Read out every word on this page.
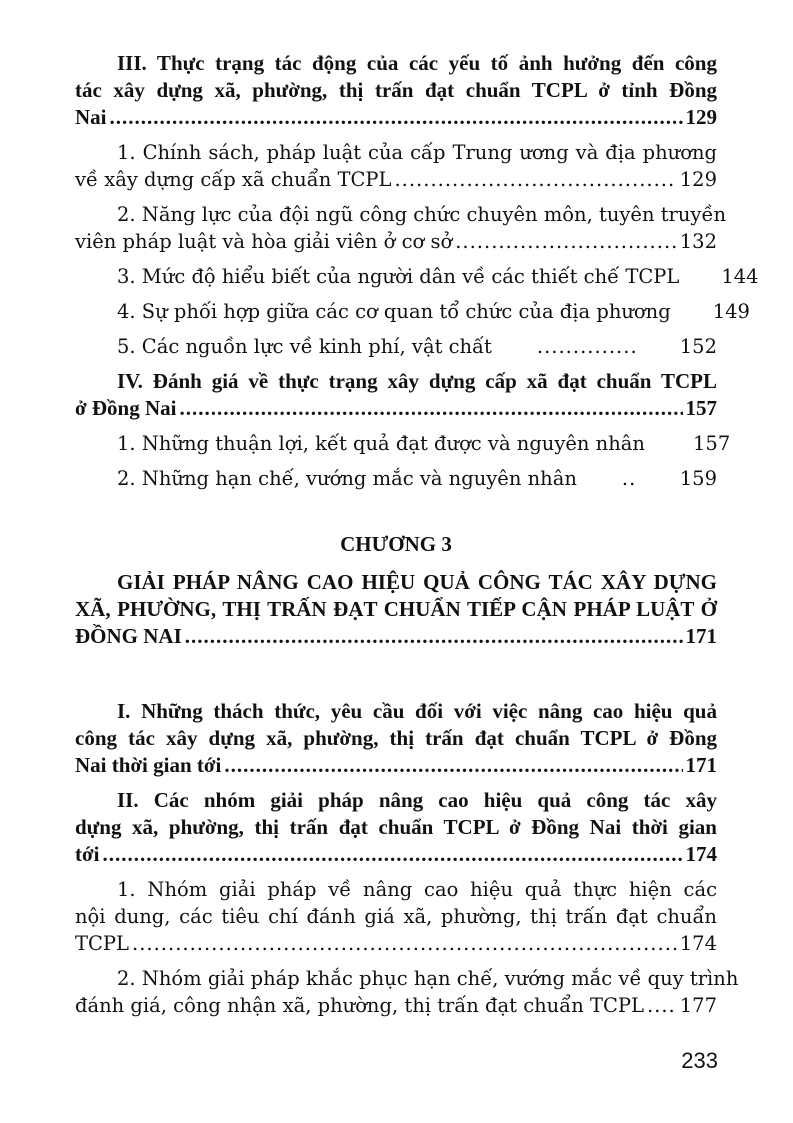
III. Thực trạng tác động của các yếu tố ảnh hưởng đến công
tác xây dựng xã, phường, thị trấn đạt chuẩn TCPL ở tỉnh Đồng
Nai .....	129
1. Chính sách, pháp luật của cấp Trung ương và địa phương
về xây dựng cấp xã chuẩn TCPL .....	129
2. Năng lực của đội ngũ công chức chuyên môn, tuyên truyền
viên pháp luật và hòa giải viên ở cơ sở .....	132
3. Mức độ hiểu biết của người dân về các thiết chế TCPL	144
4. Sự phối hợp giữa các cơ quan tổ chức của địa phương	149
5. Các nguồn lực về kinh phí, vật chất .....	152
IV. Đánh giá về thực trạng xây dựng cấp xã đạt chuẩn TCPL
ở Đồng Nai .....	157
1. Những thuận lợi, kết quả đạt được và nguyên nhân	157
2. Những hạn chế, vướng mắc và nguyên nhân .....	159
CHƯƠNG 3
GIẢI PHÁP NÂNG CAO HIỆU QUẢ CÔNG TÁC XÂY DỰNG
XÃ, PHƯỜNG, THỊ TRẤN ĐẠT CHUẨN TIẾP CẬN PHÁP LUẬT Ở
ĐỒNG NAI .....	171
I. Những thách thức, yêu cầu đối với việc nâng cao hiệu quả
công tác xây dựng xã, phường, thị trấn đạt chuẩn TCPL ở Đồng
Nai thời gian tới .....	171
II. Các nhóm giải pháp nâng cao hiệu quả công tác xây
dựng xã, phường, thị trấn đạt chuẩn TCPL ở Đồng Nai thời gian
tới .....	174
1. Nhóm giải pháp về nâng cao hiệu quả thực hiện các
nội dung, các tiêu chí đánh giá xã, phường, thị trấn đạt chuẩn
TCPL .....	174
2. Nhóm giải pháp khắc phục hạn chế, vướng mắc về quy trình
đánh giá, công nhận xã, phường, thị trấn đạt chuẩn TCPL ..... 177
233
